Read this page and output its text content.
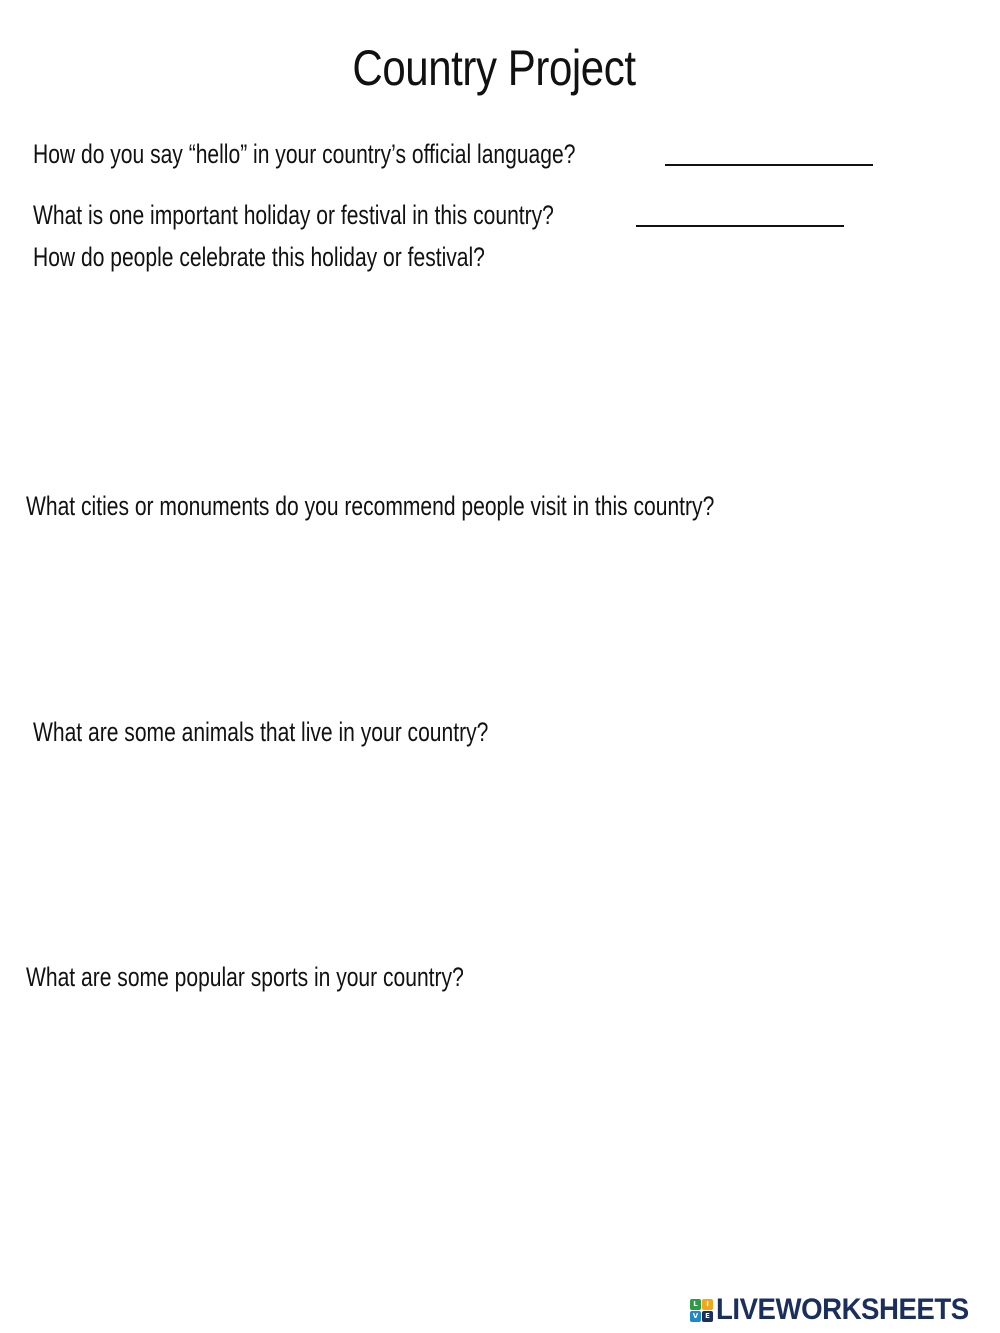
Country Project
How do you say “hello” in your country’s official language?
What is one important holiday or festival in this country?
How do people celebrate this holiday or festival?
What cities or monuments do you recommend people visit in this country?
What are some animals that live in your country?
What are some popular sports in your country?
L	I
V E LIVEWORKSHEETS
